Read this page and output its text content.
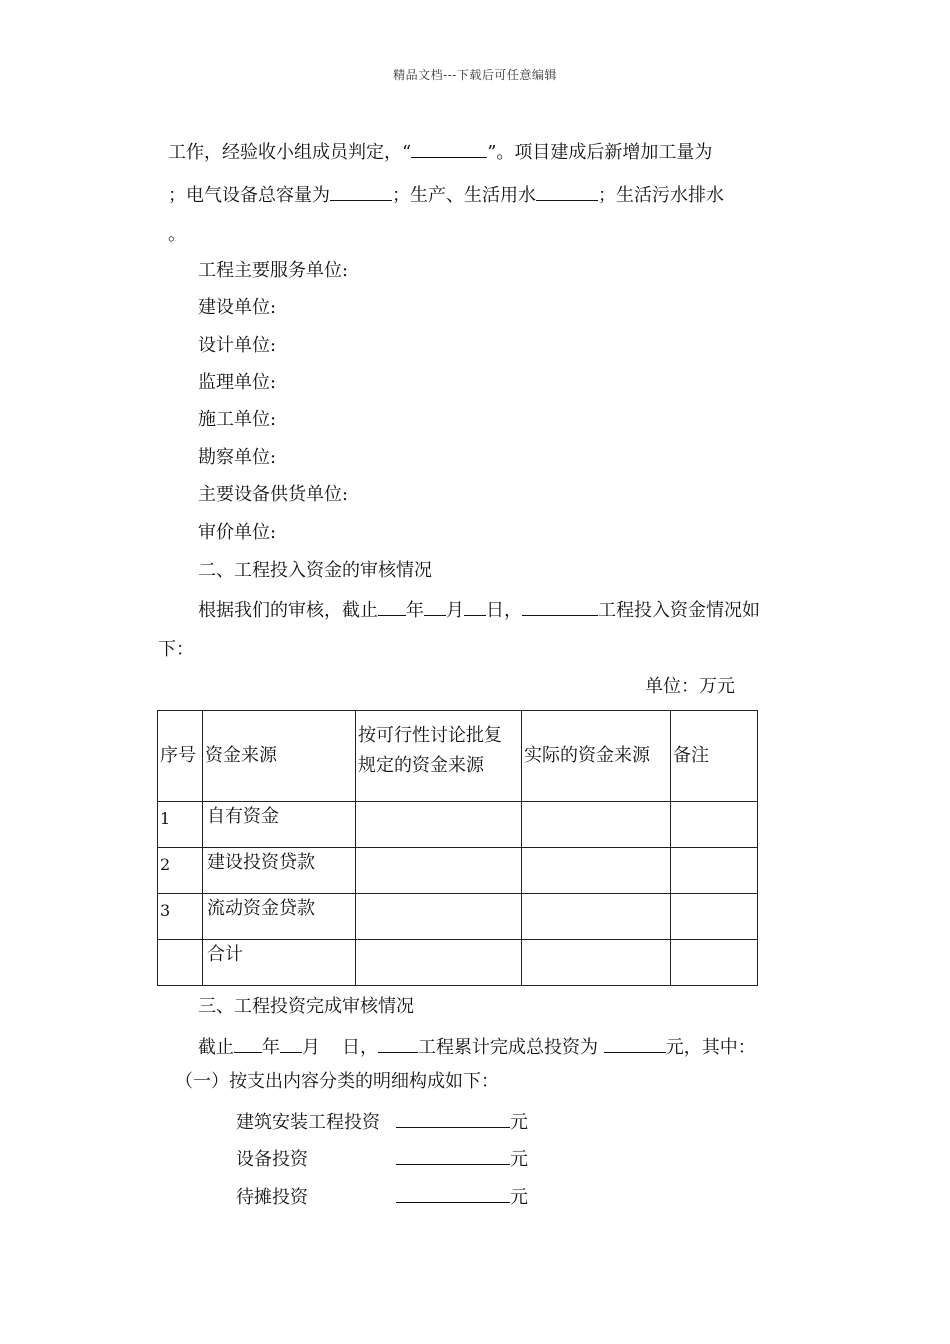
精品文档---下载后可任意编辑
工作，经验收小组成员判定，“	”。项目建成后新增加工量为
；电气设备总容量为	；生产、生活用水	；生活污水排水
。
工程主要服务单位:
建设单位:
设计单位:
监理单位:
施工单位:
勘察单位:
主要设备供货单位:
审价单位:
二、工程投入资金的审核情况
根据我们的审核，截止 年 月 日，	工程投入资金情况如
下：
单位：万元
序号	资金来源	按可行性讨论批复规定的资金来源	实际的资金来源	备注
1	自有资金			
2	建设投资贷款			
3	流动资金贷款			
	合计			
三、工程投资完成审核情况
截止 年 月 日， 工程累计完成总投资为	元，其中：
（一）按支出内容分类的明细构成如下：
建筑安装工程投资	元
设备投资	元
待摊投资	元
